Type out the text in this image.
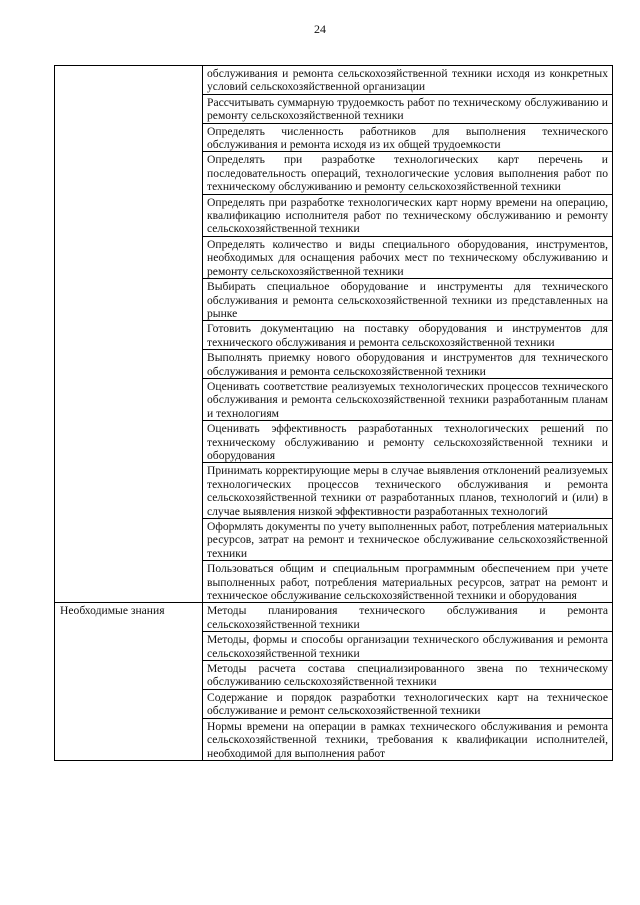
24
	обслуживания и ремонта сельскохозяйственной техники исходя из конкретных условий сельскохозяйственной организации
	Рассчитывать суммарную трудоемкость работ по техническому обслуживанию и ремонту сельскохозяйственной техники
	Определять численность работников для выполнения технического обслуживания и ремонта исходя из их общей трудоемкости
	Определять при разработке технологических карт перечень и последовательность операций, технологические условия выполнения работ по техническому обслуживанию и ремонту сельскохозяйственной техники
	Определять при разработке технологических карт норму времени на операцию, квалификацию исполнителя работ по техническому обслуживанию и ремонту сельскохозяйственной техники
	Определять количество и виды специального оборудования, инструментов, необходимых для оснащения рабочих мест по техническому обслуживанию и ремонту сельскохозяйственной техники
	Выбирать специальное оборудование и инструменты для технического обслуживания и ремонта сельскохозяйственной техники из представленных на рынке
	Готовить документацию на поставку оборудования и инструментов для технического обслуживания и ремонта сельскохозяйственной техники
	Выполнять приемку нового оборудования и инструментов для технического обслуживания и ремонта сельскохозяйственной техники
	Оценивать соответствие реализуемых технологических процессов технического обслуживания и ремонта сельскохозяйственной техники разработанным планам и технологиям
	Оценивать эффективность разработанных технологических решений по техническому обслуживанию и ремонту сельскохозяйственной техники и оборудования
	Принимать корректирующие меры в случае выявления отклонений реализуемых технологических процессов технического обслуживания и ремонта сельскохозяйственной техники от разработанных планов, технологий и (или) в случае выявления низкой эффективности разработанных технологий
	Оформлять документы по учету выполненных работ, потребления материальных ресурсов, затрат на ремонт и техническое обслуживание сельскохозяйственной техники
	Пользоваться общим и специальным программным обеспечением при учете выполненных работ, потребления материальных ресурсов, затрат на ремонт и техническое обслуживание сельскохозяйственной техники и оборудования
Необходимые знания	Методы планирования технического обслуживания и ремонта сельскохозяйственной техники
	Методы, формы и способы организации технического обслуживания и ремонта сельскохозяйственной техники
	Методы расчета состава специализированного звена по техническому обслуживанию сельскохозяйственной техники
	Содержание и порядок разработки технологических карт на техническое обслуживание и ремонт сельскохозяйственной техники
	Нормы времени на операции в рамках технического обслуживания и ремонта сельскохозяйственной техники, требования к квалификации исполнителей, необходимой для выполнения работ
